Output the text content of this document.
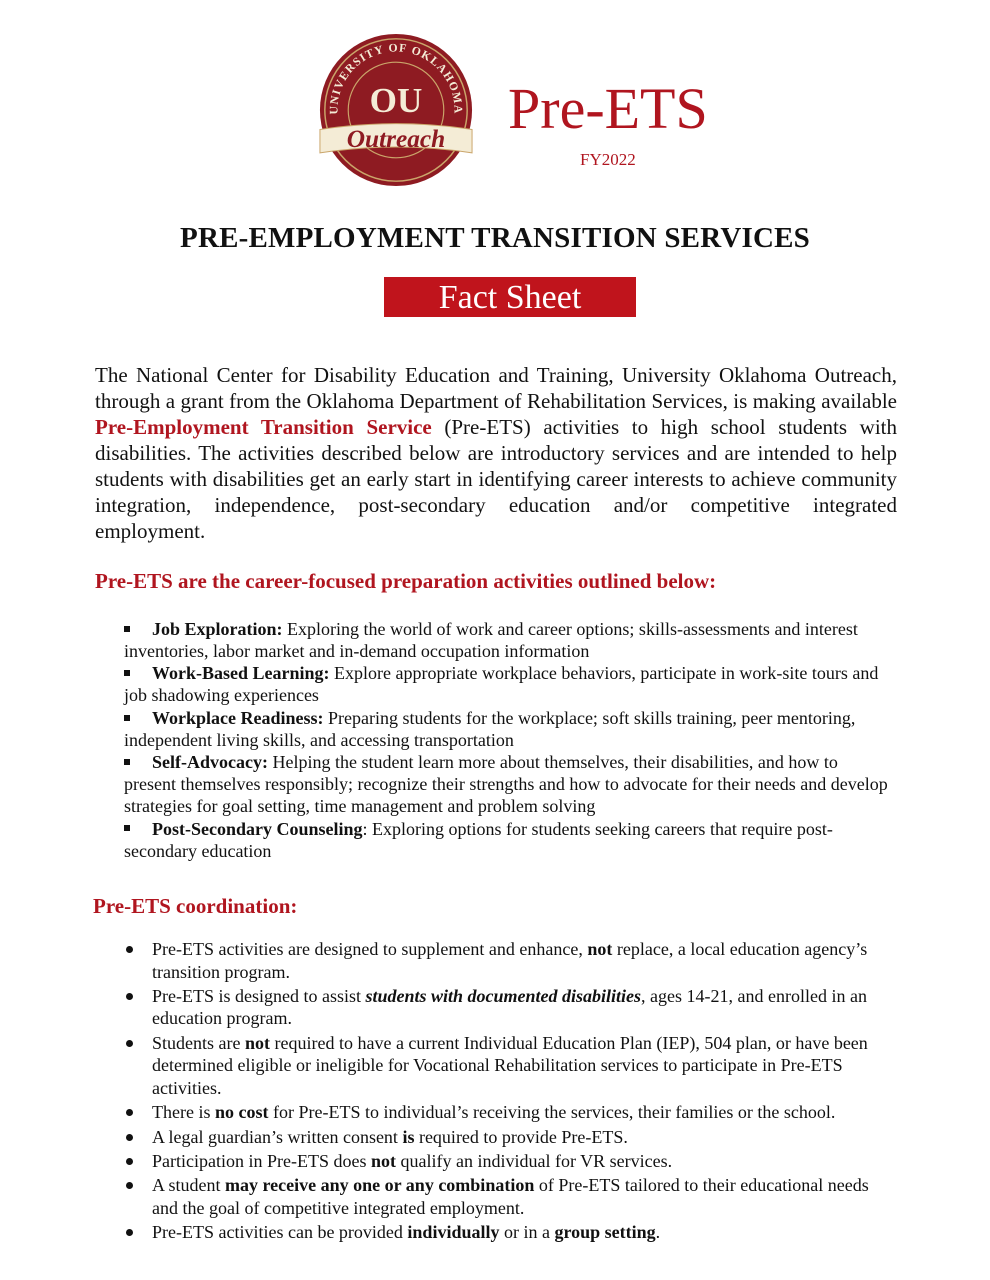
UNIVERSITY OF OKLAHOMA
OU
Outreach Pre-ETS
FY2022
PRE-EMPLOYMENT TRANSITION SERVICES
Fact Sheet

The National Center for Disability Education and Training, University Oklahoma Outreach, through a grant from the Oklahoma Department of Rehabilitation Services, is making available Pre-Employment Transition Service (Pre-ETS) activities to high school students with disabilities. The activities described below are introductory services and are intended to help students with disabilities get an early start in identifying career interests to achieve community integration, independence, post-secondary education and/or competitive integrated employment.

Pre-ETS are the career-focused preparation activities outlined below:
Job Exploration: Exploring the world of work and career options; skills-assessments and interest inventories, labor market and in-demand occupation information
Work-Based Learning: Explore appropriate workplace behaviors, participate in work-site tours and job shadowing experiences
Workplace Readiness: Preparing students for the workplace; soft skills training, peer mentoring, independent living skills, and accessing transportation
Self-Advocacy: Helping the student learn more about themselves, their disabilities, and how to present themselves responsibly; recognize their strengths and how to advocate for their needs and develop strategies for goal setting, time management and problem solving
Post-Secondary Counseling: Exploring options for students seeking careers that require post-secondary education
Pre-ETS coordination:
Pre-ETS activities are designed to supplement and enhance, not replace, a local education agency’s transition program.
Pre-ETS is designed to assist students with documented disabilities, ages 14-21, and enrolled in an education program.
Students are not required to have a current Individual Education Plan (IEP), 504 plan, or have been determined eligible or ineligible for Vocational Rehabilitation services to participate in Pre-ETS activities.
There is no cost for Pre-ETS to individual’s receiving the services, their families or the school.
A legal guardian’s written consent is required to provide Pre-ETS.
Participation in Pre-ETS does not qualify an individual for VR services.
A student may receive any one or any combination of Pre-ETS tailored to their educational needs and the goal of competitive integrated employment.
Pre-ETS activities can be provided individually or in a group setting.
